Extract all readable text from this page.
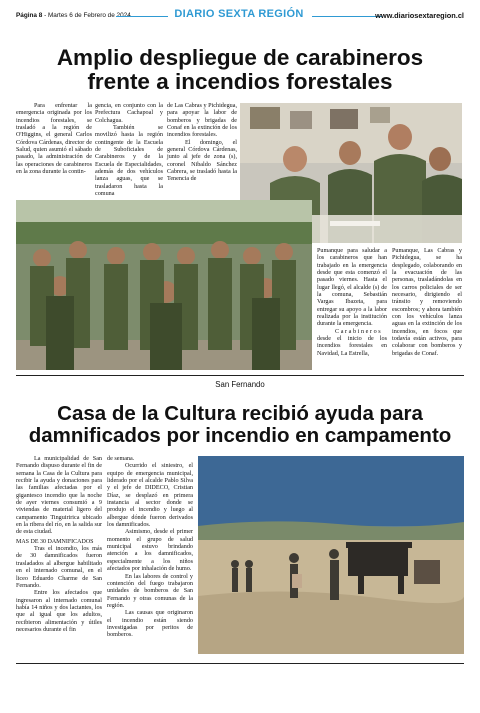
Página 8 - Martes 6 de Febrero de 2024	DIARIO SEXTA REGIÓN	www.diariosextaregion.cl
Amplio despliegue de carabineros
frente a incendios forestales

Para enfrentar la emergencia originada por los incendios forestales, se trasladó a la región de O'Higgins, el general Carlos Córdova Cárdenas, director de Salud, quien asumió el sábado pasado, la administración de las operaciones de carabineros en la zona durante la contin-

gencia, en conjunto con la Prefectura Cachapoal y Colchagua.

También se movilizó hasta la región contingente de la Escuela de Suboficiales de Carabineros y de la Escuela de Especialidades, además de dos vehículos lanza aguas, que se trasladaron hasta la comuna

de Las Cabras y Pichidegua, para apoyar la labor de bomberos y brigadas de Conaf en la extinción de los incendios forestales.

El domingo, el general Córdova Cárdenas, junto al jefe de zona (s), coronel Nibaldo Sánchez Cabrera, se trasladó hasta la Tenencia de

Pumanque para saludar a los carabineros que han trabajado en la emergencia desde que esta comenzó el pasado viernes. Hasta el lugar llegó, el alcalde (s) de la comuna, Sebastián Vargas Ibazeta, para entregar su apoyo a la labor realizada por la institución durante la emergencia.

Carabineros desde el inicio de los incendios forestales en Navidad, La Estrella,

Pumanque, Las Cabras y Pichidegua, se ha desplegado, colaborando en la evacuación de las personas, trasladándolas en los carros policiales de ser necesario, dirigiendo el tránsito y removiendo escombros; y ahora también con los vehículos lanza aguas en la extinción de los incendios, en focos que todavía están activos, para colaborar con bomberos y brigadas de Conaf.

San Fernando
Casa de la Cultura recibió ayuda para
damnificados por incendio en campamento

La municipalidad de San Fernando dispuso durante el fin de semana la Casa de la Cultura para recibir la ayuda y donaciones para las familias afectadas por el gigantesco incendio que la noche de ayer viernes consumió a 9 viviendas de material ligero del campamento Tinguiririca ubicado en la ribera del río, en la salida sur de esta ciudad.

MAS DE 30 DAMNIFICADOS

Tras el incendio, los más de 30 damnificados fueron trasladados al albergue habilitado en el internado comunal, en el liceo Eduardo Charme de San Fernando.

Entre los afectados que ingresaron al internado comunal había 14 niños y dos lactantes, los que al igual que los adultos, recibieron alimentación y útiles necesarios durante el fin

de semana.

Ocurrido el siniestro, el equipo de emergencia municipal, liderado por el alcalde Pablo Silva y el jefe de DIDECO, Cristian Díaz, se desplazó en primera instancia al sector donde se produjo el incendio y luego al albergue dónde fueron derivados los damnificados.

Asimismo, desde el primer momento el grupo de salud municipal estuvo brindando atención a los damnificados, especialmente a los niños afectados por inhalación de humo.

En las labores de control y contención del fuego trabajaron unidades de bomberos de San Fernando y otras comunas de la región.

Las causas que originaron el incendio están siendo investigadas por peritos de bomberos.
